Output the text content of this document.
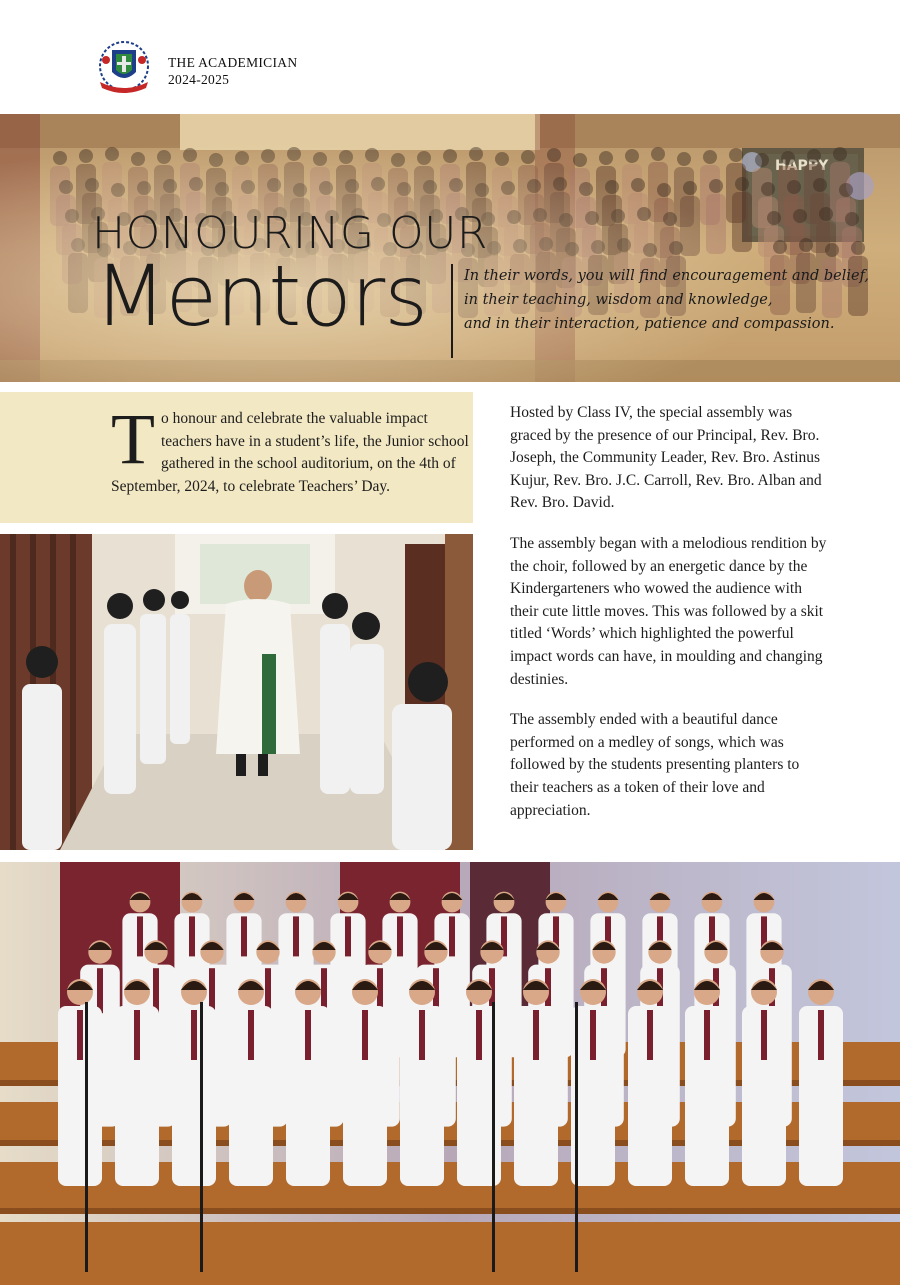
THE ACADEMICIAN
2024-2025
HONOURING OUR
Mentors	In their words, you will find encouragement and belief,
in their teaching, wisdom and knowledge,
and in their interaction, patience and compassion.
To honour and celebrate the valuable impact teachers have in a student’s life, the Junior school gathered in the school auditorium, on the 4th of September, 2024, to celebrate Teachers’ Day.

Hosted by Class IV, the special assembly was graced by the presence of our Principal, Rev. Bro. Joseph, the Community Leader, Rev. Bro. Astinus Kujur, Rev. Bro. J.C. Carroll, Rev. Bro. Alban and Rev. Bro. David.

The assembly began with a melodious rendition by the choir, followed by an energetic dance by the Kindergarteners who wowed the audience with their cute little moves. This was followed by a skit titled ‘Words’ which highlighted the powerful impact words can have, in moulding and changing destinies.

The assembly ended with a beautiful dance performed on a medley of songs, which was followed by the students presenting planters to their teachers as a token of their love and appreciation.
